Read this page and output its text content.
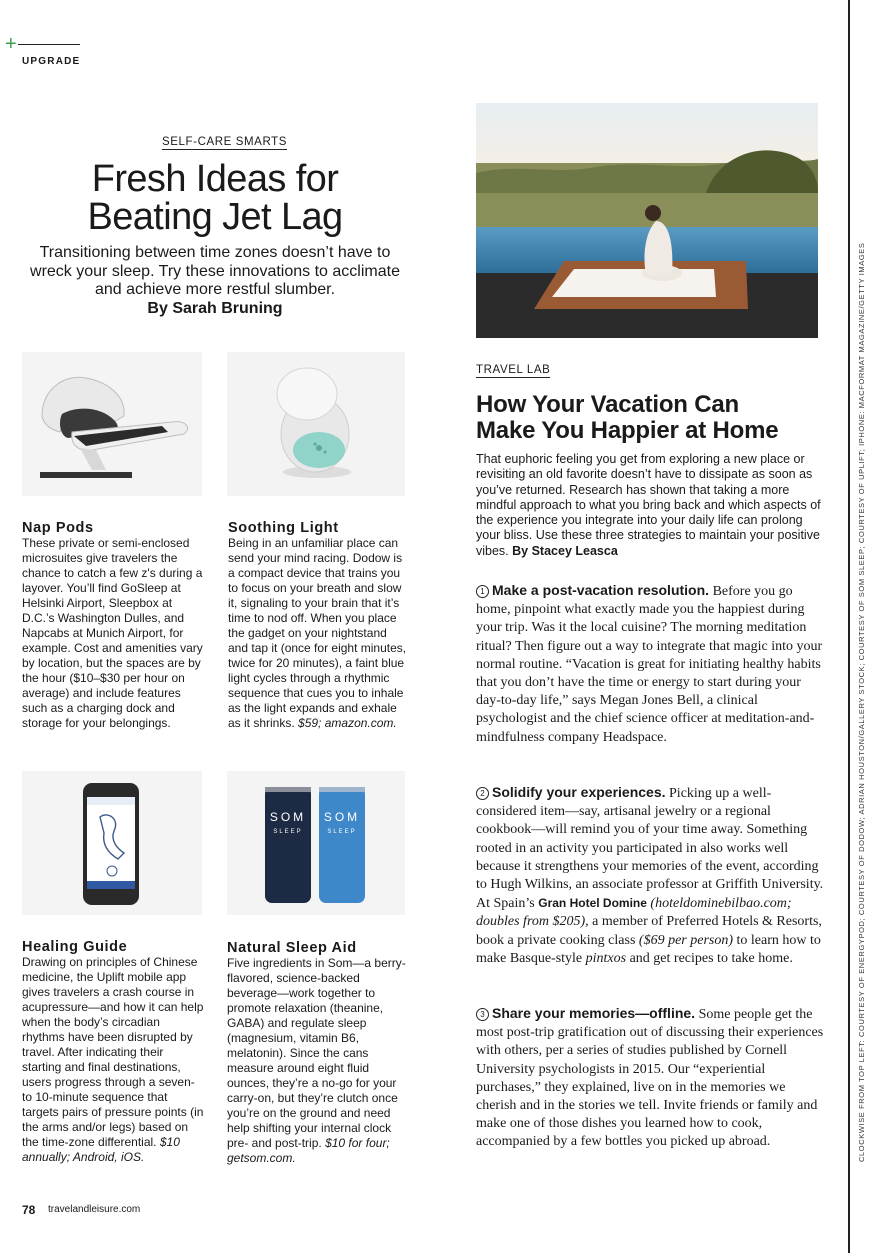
+
UPGRADE
SELF-CARE SMARTS
Fresh Ideas for
Beating Jet Lag
Transitioning between time zones doesn’t have to wreck your sleep. Try these innovations to acclimate and achieve more restful slumber.
By Sarah Bruning
Nap Pods
These private or semi-enclosed microsuites give travelers the chance to catch a few z's during a layover. You’ll find GoSleep at Helsinki Airport, Sleepbox at D.C.’s Washington Dulles, and Napcabs at Munich Airport, for example. Cost and amenities vary by location, but the spaces are by the hour ($10–$30 per hour on average) and include features such as a charging dock and storage for your belongings.
Soothing Light
Being in an unfamiliar place can send your mind racing. Dodow is a compact device that trains you to focus on your breath and slow it, signaling to your brain that it’s time to nod off. When you place the gadget on your nightstand and tap it (once for eight minutes, twice for 20 minutes), a faint blue light cycles through a rhythmic sequence that cues you to inhale as the light expands and exhale as it shrinks. $59; amazon.com.
SOM
SLEEP
SOM
SLEEP
Healing Guide
Drawing on principles of Chinese medicine, the Uplift mobile app gives travelers a crash course in acupressure—and how it can help when the body’s circadian rhythms have been disrupted by travel. After indicating their starting and final destinations, users progress through a seven- to 10-minute sequence that targets pairs of pressure points (in the arms and/or legs) based on the time-zone differential. $10 annually; Android, iOS.
Natural Sleep Aid
Five ingredients in Som—a berry-flavored, science-backed beverage—work together to promote relaxation (theanine, GABA) and regulate sleep (magnesium, vitamin B6, melatonin). Since the cans measure around eight fluid ounces, they’re a no-go for your carry-on, but they’re clutch once you’re on the ground and need help shifting your internal clock pre- and post-trip. $10 for four; getsom.com.
TRAVEL LAB
How Your Vacation Can
Make You Happier at Home
That euphoric feeling you get from exploring a new place or revisiting an old favorite doesn’t have to dissipate as soon as you’ve returned. Research has shown that taking a more mindful approach to what you bring back and which aspects of the experience you integrate into your daily life can prolong your bliss. Use these three strategies to maintain your positive vibes. By Stacey Leasca
1 Make a post-vacation resolution. Before you go home, pinpoint what exactly made you the happiest during your trip. Was it the local cuisine? The morning meditation ritual? Then figure out a way to integrate that magic into your normal routine. “Vacation is great for initiating healthy habits that you don’t have the time or energy to start during your day-to-day life,” says Megan Jones Bell, a clinical psychologist and the chief science officer at meditation-and-mindfulness company Headspace.
2 Solidify your experiences. Picking up a well-considered item—say, artisanal jewelry or a regional cookbook—will remind you of your time away. Something rooted in an activity you participated in also works well because it strengthens your memories of the event, according to Hugh Wilkins, an associate professor at Griffith University. At Spain’s Gran Hotel Domine (hoteldominebilbao.com; doubles from $205), a member of Preferred Hotels & Resorts, book a private cooking class ($69 per person) to learn how to make Basque-style pintxos and get recipes to take home.
3 Share your memories—offline. Some people get the most post-trip gratification out of discussing their experiences with others, per a series of studies published by Cornell University psychologists in 2015. Our “experiential purchases,” they explained, live on in the memories we cherish and in the stories we tell. Invite friends or family and make one of those dishes you learned how to cook, accompanied by a few bottles you picked up abroad.	CLOCKWISE FROM TOP LEFT: COURTESY OF ENERGYPOD; COURTESY OF DODOW; ADRIAN HOUSTON/GALLERY STOCK; COURTESY OF SOM SLEEP; COURTESY OF UPLIFT; IPHONE: MACFORMAT MAGAZINE/GETTY IMAGES
78 travelandleisure.com
